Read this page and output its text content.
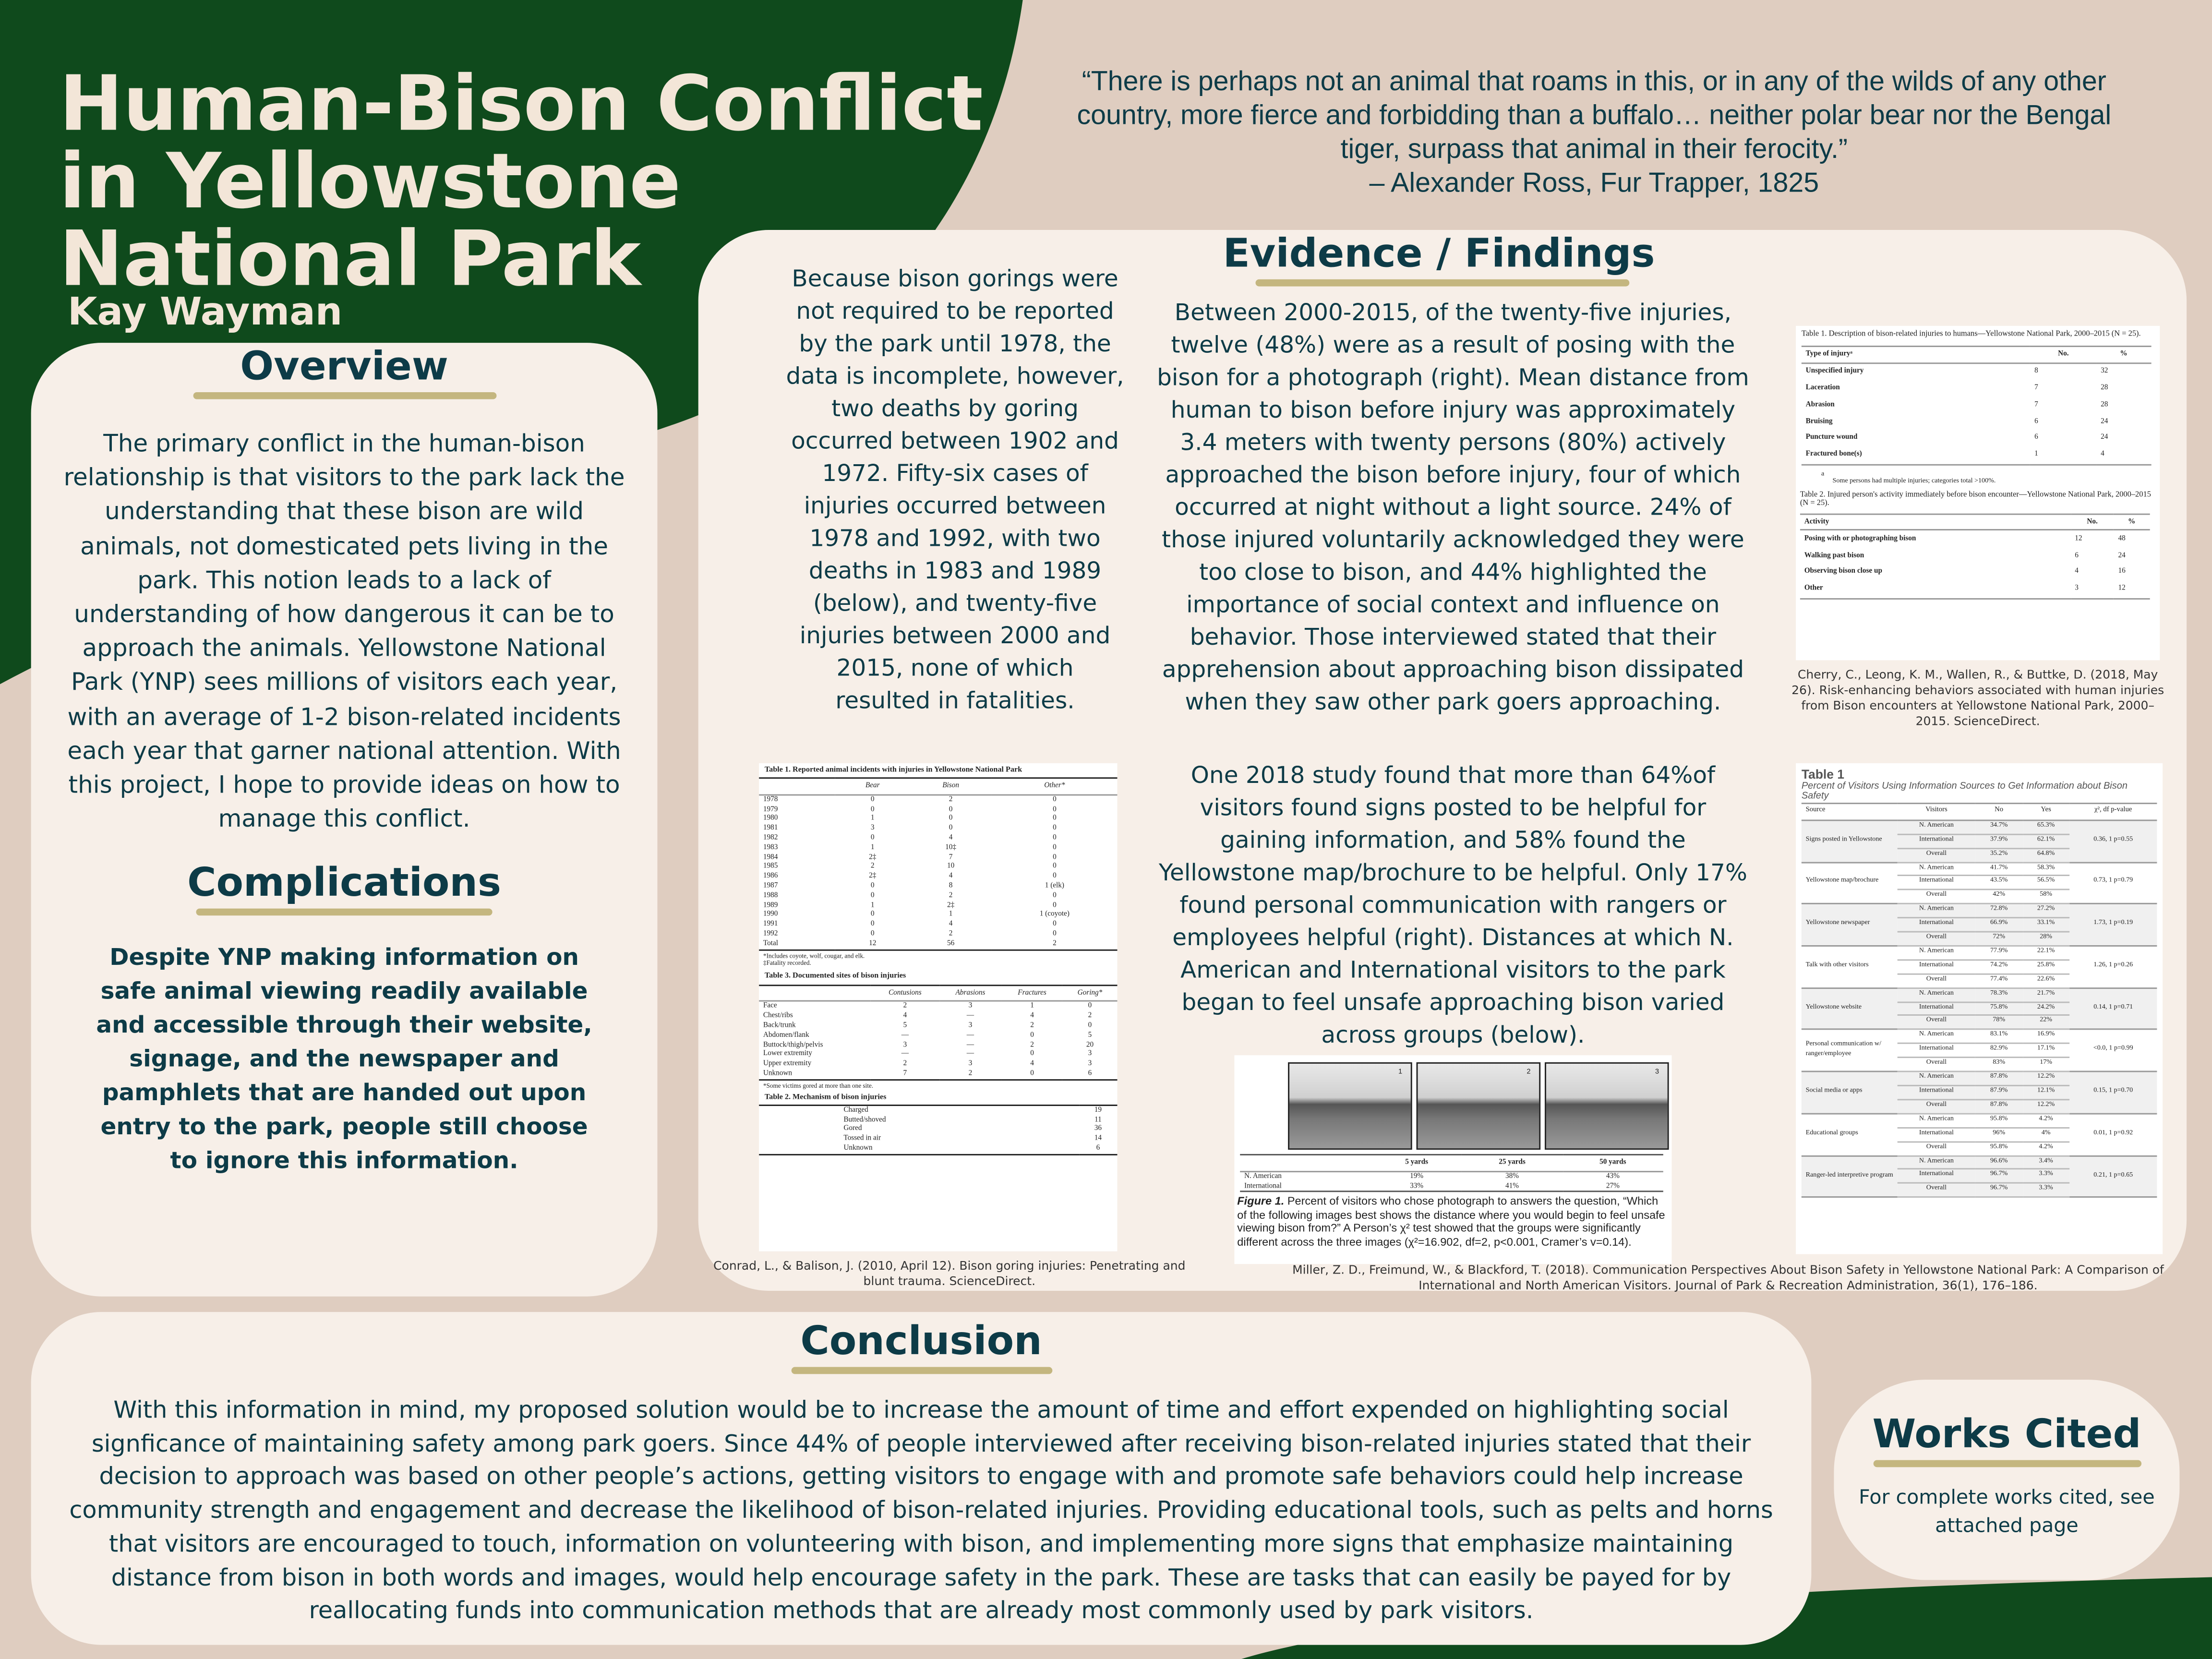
Human-Bison Conflict
in Yellowstone
National Park
Kay Wayman
“There is perhaps not an animal that roams in this, or in any of the wilds of any other
country, more fierce and forbidding than a buffalo… neither polar bear nor the Bengal
tiger, surpass that animal in their ferocity.”
– Alexander Ross, Fur Trapper, 1825
Overview
The primary conflict in the human-bison relationship is that visitors to the park lack the understanding that these bison are wild animals, not domesticated pets living in the park. This notion leads to a lack of understanding of how dangerous it can be to approach the animals. Yellowstone National Park (YNP) sees millions of visitors each year, with an average of 1-2 bison-related incidents each year that garner national attention. With this project, I hope to provide ideas on how to manage this conflict.
Complications
Despite YNP making information on safe animal viewing readily available and accessible through their website, signage, and the newspaper and pamphlets that are handed out upon entry to the park, people still choose to ignore this information.
Evidence / Findings
Because bison gorings were not required to be reported by the park until 1978, the data is incomplete, however, two deaths by goring occurred between 1902 and 1972. Fifty-six cases of injuries occurred between 1978 and 1992, with two deaths in 1983 and 1989 (below), and twenty-five injuries between 2000 and 2015, none of which resulted in fatalities.
Between 2000-2015, of the twenty-five injuries, twelve (48%) were as a result of posing with the bison for a photograph (right). Mean distance from human to bison before injury was approximately 3.4 meters with twenty persons (80%) actively approached the bison before injury, four of which occurred at night without a light source. 24% of those injured voluntarily acknowledged they were too close to bison, and 44% highlighted the importance of social context and influence on behavior. Those interviewed stated that their apprehension about approaching bison dissipated when they saw other park goers approaching.
One 2018 study found that more than 64%of visitors found signs posted to be helpful for gaining information, and 58% found the Yellowstone map/brochure to be helpful. Only 17% found personal communication with rangers or employees helpful (right). Distances at which N. American and International visitors to the park began to feel unsafe approaching bison varied across groups (below).
Table 1. Reported animal incidents with injuries in Yellowstone National Park
	Bear	Bison	Other*
1978	0	2	0
1979	0	0	0
1980	1	0	0
1981	3	0	0
1982	0	4	0
1983	1	10‡	0
1984	2‡	7	0
1985	2	10	0
1986	2‡	4	0
1987	0	8	1 (elk)
1988	0	2	0
1989	1	2‡	0
1990	0	1	1 (coyote)
1991	0	4	0
1992	0	2	0
Total	12	56	2
*Includes coyote, wolf, cougar, and elk.
‡Fatality recorded.
Table 3. Documented sites of bison injuries
	Contusions	Abrasions	Fractures	Goring*
Face	2	3	1	0
Chest/ribs	4	—	4	2
Back/trunk	5	3	2	0
Abdomen/flank	—	—	0	5
Buttock/thigh/pelvis	3	—	2	20
Lower extremity	—	—	0	3
Upper extremity	2	3	4	3
Unknown	7	2	0	6
*Some victims gored at more than one site.
Table 2. Mechanism of bison injuries
Charged	19
Butted/shoved	11
Gored	36
Tossed in air	14
Unknown	6
Conrad, L., & Balison, J. (2010, April 12). Bison goring injuries: Penetrating and blunt trauma. ScienceDirect.
1	2	3
	5 yards	25 yards	50 yards
N. American	19%	38%	43%
International	33%	41%	27%
Figure 1. Percent of visitors who chose photograph to answers the question, “Which of the following images best shows the distance where you would begin to feel unsafe viewing bison from?” A Person’s χ² test showed that the groups were significantly different across the three images (χ²=16.902, df=2, p<0.001, Cramer’s v=0.14).
Table 1. Description of bison-related injuries to humans—Yellowstone National Park, 2000–2015 (N = 25).
Type of injuryᵃ	No.	%
Unspecified injury	8	32
Laceration	7	28
Abrasion	7	28
Bruising	6	24
Puncture wound	6	24
Fractured bone(s)	1	4
a
Some persons had multiple injuries; categories total >100%.
Table 2. Injured person's activity immediately before bison encounter—Yellowstone National Park, 2000–2015 (N = 25).
Activity	No.	%
Posing with or photographing bison	12	48
Walking past bison	6	24
Observing bison close up	4	16
Other	3	12
Cherry, C., Leong, K. M., Wallen, R., & Buttke, D. (2018, May 26). Risk-enhancing behaviors associated with human injuries from Bison encounters at Yellowstone National Park, 2000–2015. ScienceDirect.
Table 1
Percent of Visitors Using Information Sources to Get Information about Bison Safety
Source	Visitors	No	Yes	χ², df p-value
Signs posted in Yellowstone	N. American	34.7%	65.3%	0.36, 1 p=0.55
	International	37.9%	62.1%	
	Overall	35.2%	64.8%	
Yellowstone map/brochure	N. American	41.7%	58.3%	0.73, 1 p=0.79
	International	43.5%	56.5%	
	Overall	42%	58%	
Yellowstone newspaper	N. American	72.8%	27.2%	1.73, 1 p=0.19
	International	66.9%	33.1%	
	Overall	72%	28%	
Talk with other visitors	N. American	77.9%	22.1%	1.26, 1 p=0.26
	International	74.2%	25.8%	
	Overall	77.4%	22.6%	
Yellowstone website	N. American	78.3%	21.7%	0.14, 1 p=0.71
	International	75.8%	24.2%	
	Overall	78%	22%	
Personal communication w/ ranger/employee	N. American	83.1%	16.9%	<0.0, 1 p=0.99
	International	82.9%	17.1%	
	Overall	83%	17%	
Social media or apps	N. American	87.8%	12.2%	0.15, 1 p=0.70
	International	87.9%	12.1%	
	Overall	87.8%	12.2%	
Educational groups	N. American	95.8%	4.2%	0.01, 1 p=0.92
	International	96%	4%	
	Overall	95.8%	4.2%	
Ranger-led interpretive program	N. American	96.6%	3.4%	0.21, 1 p=0.65
	International	96.7%	3.3%	
	Overall	96.7%	3.3%	
Miller, Z. D., Freimund, W., & Blackford, T. (2018). Communication Perspectives About Bison Safety in Yellowstone National Park: A Comparison of International and North American Visitors. Journal of Park & Recreation Administration, 36(1), 176–186.
Conclusion
With this information in mind, my proposed solution would be to increase the amount of time and effort expended on highlighting social signficance of maintaining safety among park goers. Since 44% of people interviewed after receiving bison-related injuries stated that their decision to approach was based on other people’s actions, getting visitors to engage with and promote safe behaviors could help increase community strength and engagement and decrease the likelihood of bison-related injuries. Providing educational tools, such as pelts and horns that visitors are encouraged to touch, information on volunteering with bison, and implementing more signs that emphasize maintaining distance from bison in both words and images, would help encourage safety in the park. These are tasks that can easily be payed for by reallocating funds into communication methods that are already most commonly used by park visitors.
Works Cited
For complete works cited, see attached page
